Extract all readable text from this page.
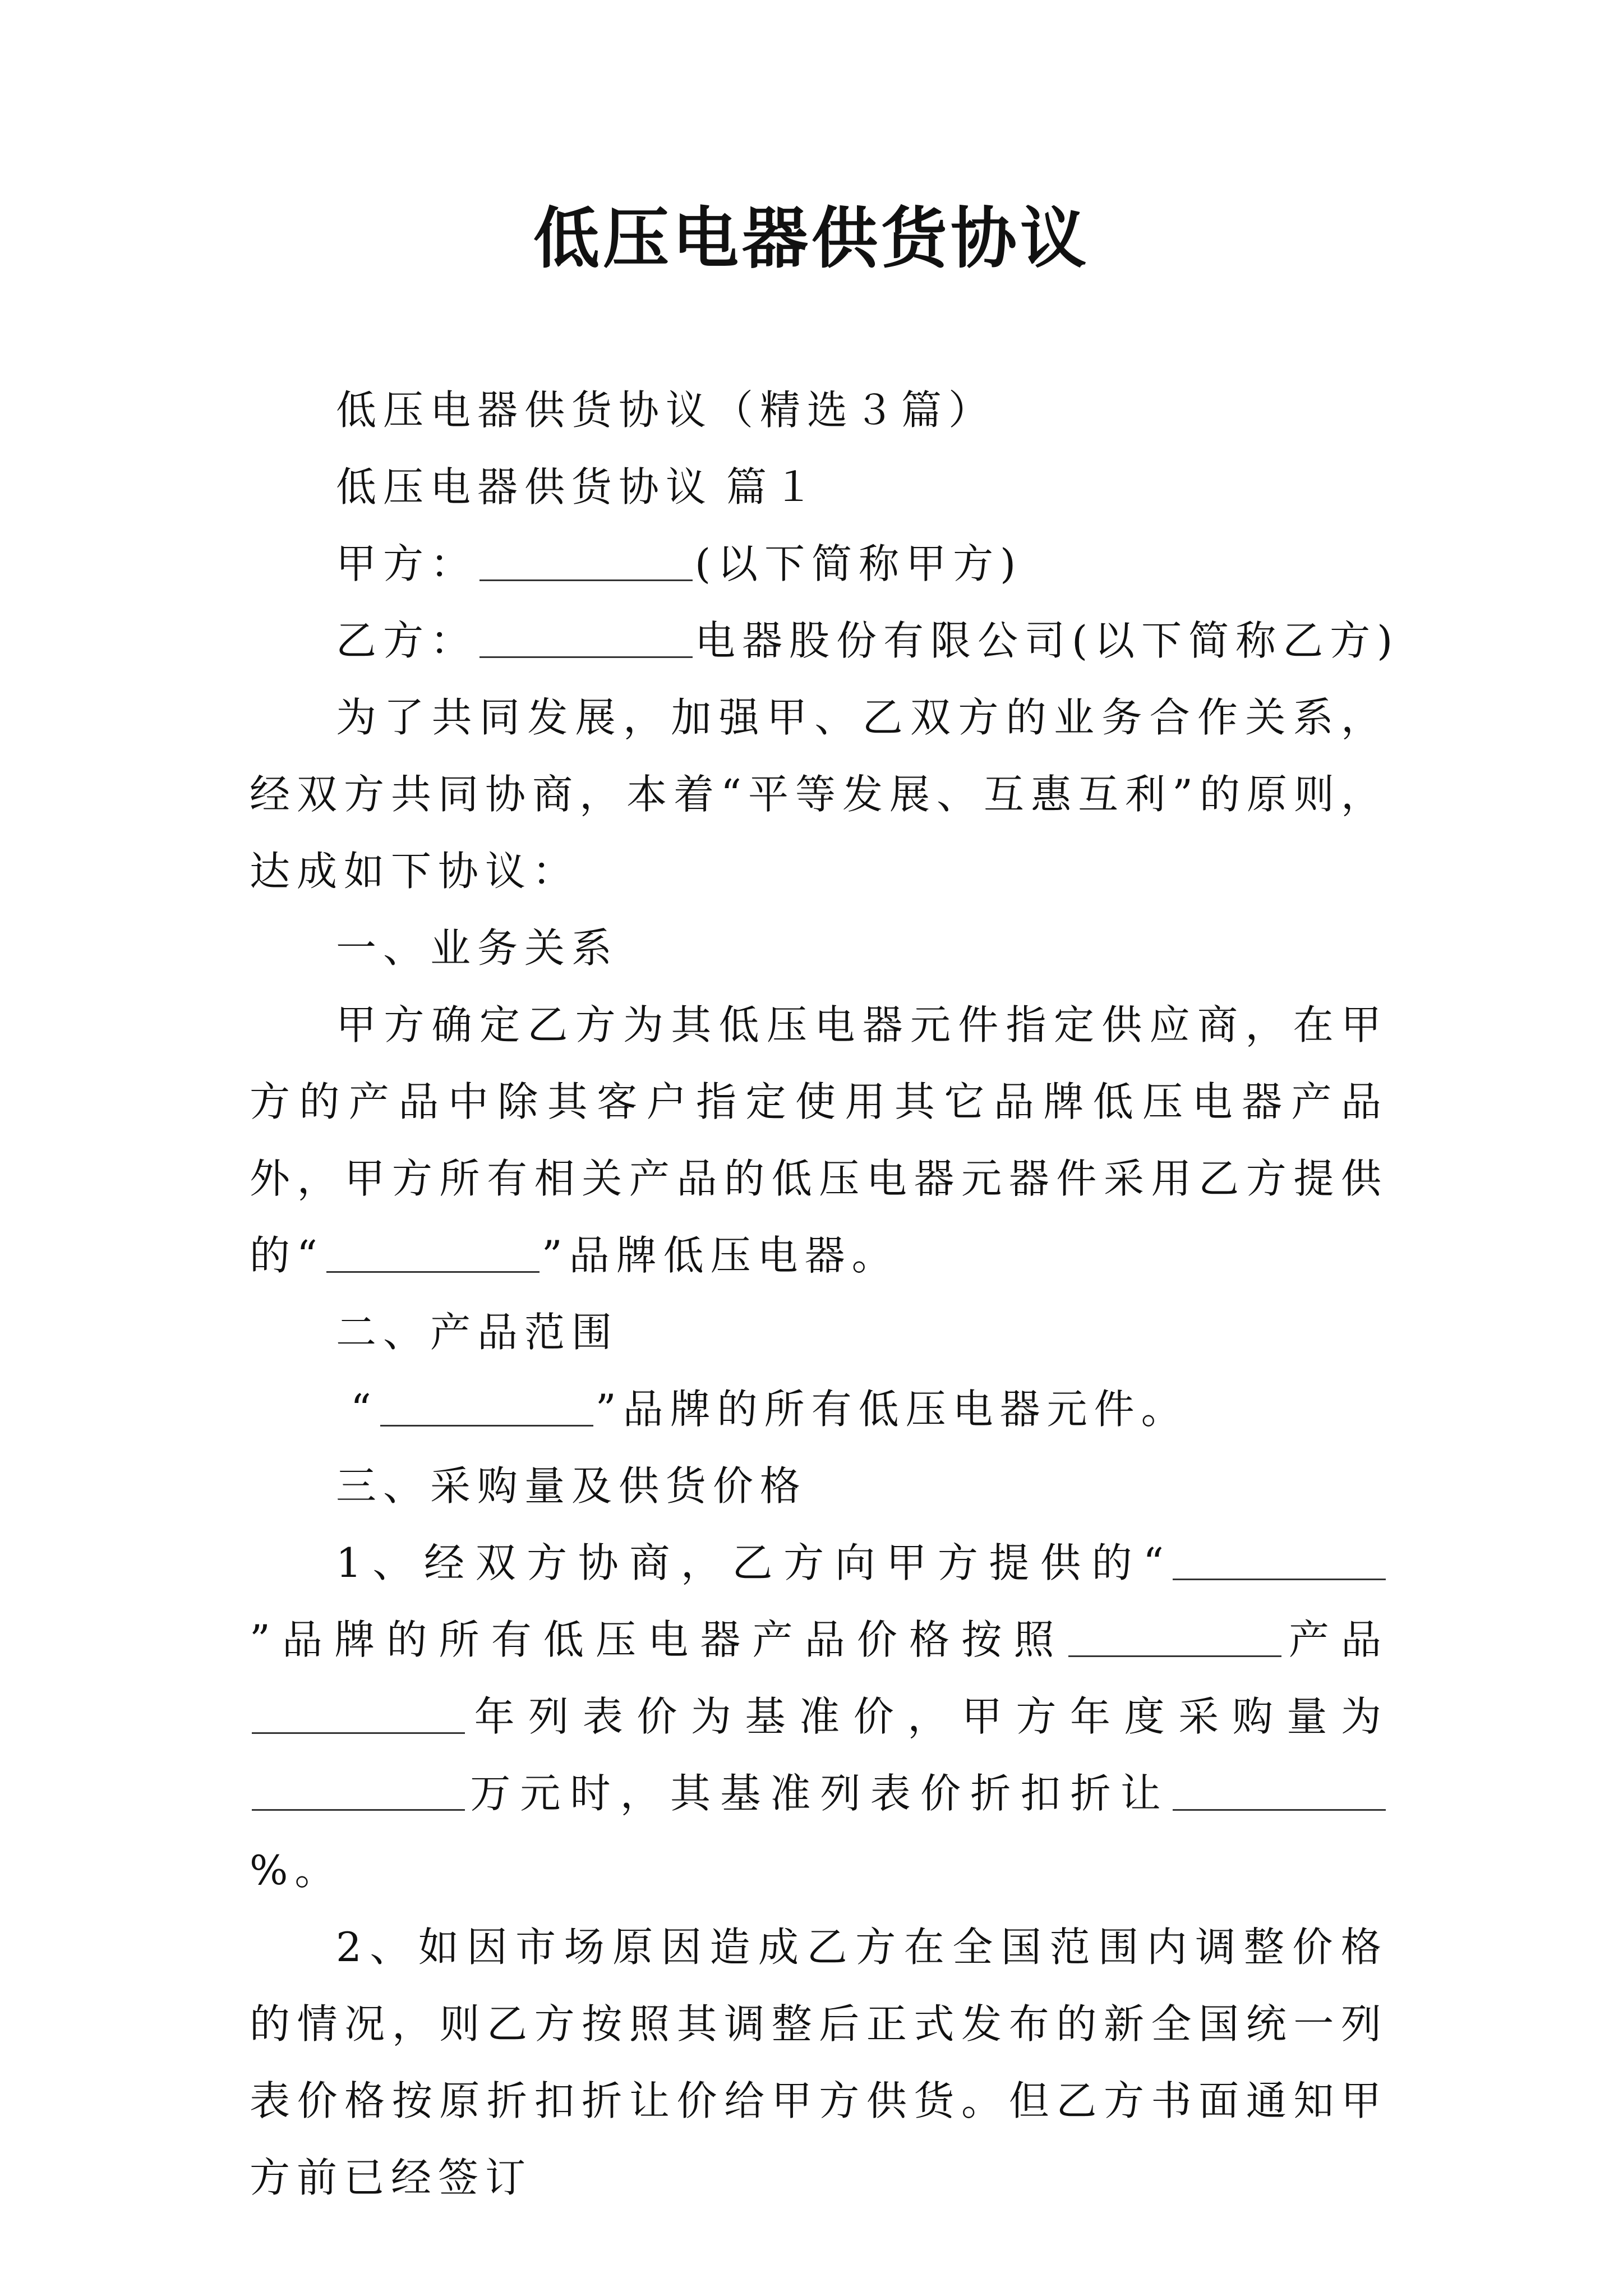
低压电器供货协议

低压电器供货协议（精选３篇）

低压电器供货协议 篇１

甲方：	(以下简称甲方)

乙方：	电器股份有限公司(以下简称乙方)

为了共同发展，加强甲、乙双方的业务合作关系，经双方共同协商，本着“平等发展、互惠互利”的原则，达成如下协议：

一、业务关系

甲方确定乙方为其低压电器元件指定供应商，在甲方的产品中除其客户指定使用其它品牌低压电器产品外，甲方所有相关产品的低压电器元器件采用乙方提供的“	”品牌低压电器。

二、产品范围

“	”品牌的所有低压电器元件。

三、采购量及供货价格

1、经双方协商，乙方向甲方提供的“”品牌的所有低压电器产品价格按照	产品年列表价为基准价，甲方年度采购量为万元时，其基准列表价折扣折让%。

2、如因市场原因造成乙方在全国范围内调整价格的情况，则乙方按照其调整后正式发布的新全国统一列表价格按原折扣折让价给甲方供货。但乙方书面通知甲方前已经签订
